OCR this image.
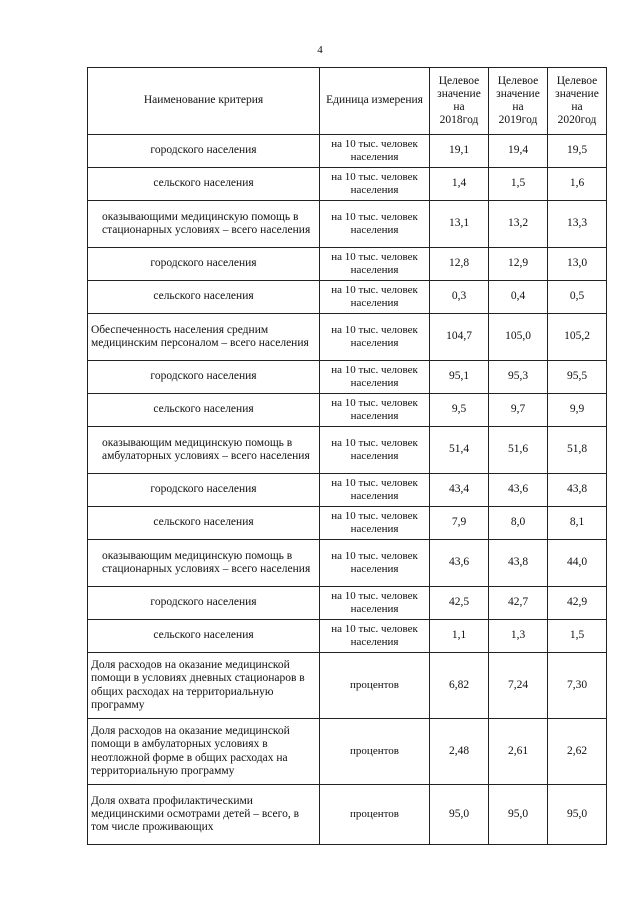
4
Наименование критерия	Единица измерения	Целевое значение на 2018год	Целевое значение на 2019год	Целевое значение на 2020год
городского населения	на 10 тыс. человек населения	19,1	19,4	19,5
сельского населения	на 10 тыс. человек населения	1,4	1,5	1,6
оказывающими медицинскую помощь в стационарных условиях – всего населения	на 10 тыс. человек населения	13,1	13,2	13,3
городского населения	на 10 тыс. человек населения	12,8	12,9	13,0
сельского населения	на 10 тыс. человек населения	0,3	0,4	0,5
Обеспеченность населения средним медицинским персоналом – всего населения	на 10 тыс. человек населения	104,7	105,0	105,2
городского населения	на 10 тыс. человек населения	95,1	95,3	95,5
сельского населения	на 10 тыс. человек населения	9,5	9,7	9,9
оказывающим медицинскую помощь в амбулаторных условиях – всего населения	на 10 тыс. человек населения	51,4	51,6	51,8
городского населения	на 10 тыс. человек населения	43,4	43,6	43,8
сельского населения	на 10 тыс. человек населения	7,9	8,0	8,1
оказывающим медицинскую помощь в стационарных условиях – всего населения	на 10 тыс. человек населения	43,6	43,8	44,0
городского населения	на 10 тыс. человек населения	42,5	42,7	42,9
сельского населения	на 10 тыс. человек населения	1,1	1,3	1,5
Доля расходов на оказание медицинской помощи в условиях дневных стационаров в общих расходах на территориальную программу	процентов	6,82	7,24	7,30
Доля расходов на оказание медицинской помощи в амбулаторных условиях в неотложной форме в общих расходах на территориальную программу	процентов	2,48	2,61	2,62
Доля охвата профилактическими медицинскими осмотрами детей – всего, в том числе проживающих	процентов	95,0	95,0	95,0
